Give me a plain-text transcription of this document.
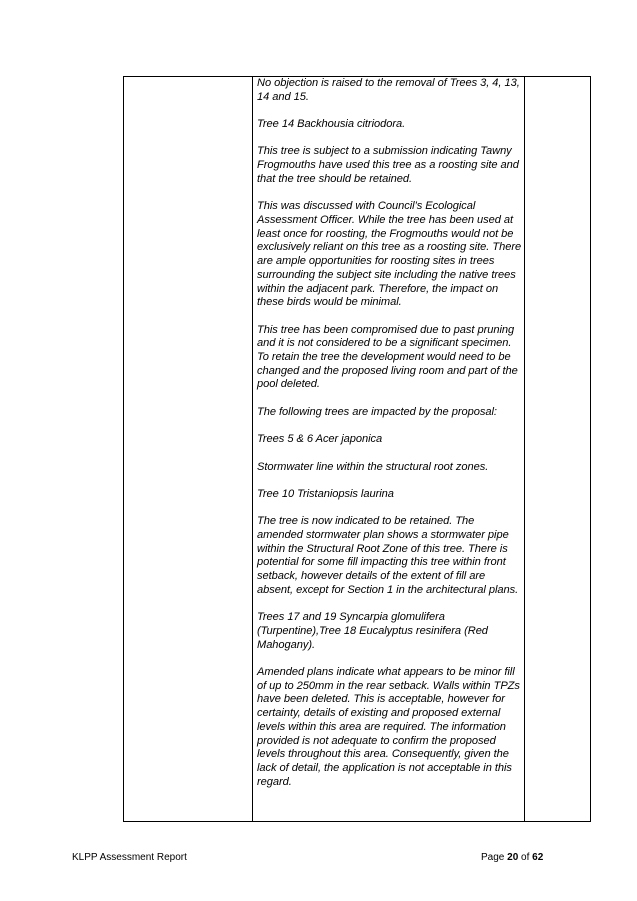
No objection is raised to the removal of Trees 3, 4, 13, 14 and 15.

Tree 14 Backhousia citriodora.

This tree is subject to a submission indicating Tawny Frogmouths have used this tree as a roosting site and that the tree should be retained.

This was discussed with Council’s Ecological Assessment Officer. While the tree has been used at least once for roosting, the Frogmouths would not be exclusively reliant on this tree as a roosting site. There are ample opportunities for roosting sites in trees surrounding the subject site including the native trees within the adjacent park. Therefore, the impact on these birds would be minimal.

This tree has been compromised due to past pruning and it is not considered to be a significant specimen. To retain the tree the development would need to be changed and the proposed living room and part of the pool deleted.

The following trees are impacted by the proposal:

Trees 5 & 6 Acer japonica

Stormwater line within the structural root zones.

Tree 10 Tristaniopsis laurina

The tree is now indicated to be retained. The amended stormwater plan shows a stormwater pipe within the Structural Root Zone of this tree. There is potential for some fill impacting this tree within front setback, however details of the extent of fill are absent, except for Section 1 in the architectural plans.

Trees 17 and 19 Syncarpia glomulifera (Turpentine),Tree 18 Eucalyptus resinifera (Red Mahogany).

Amended plans indicate what appears to be minor fill of up to 250mm in the rear setback. Walls within TPZs have been deleted. This is acceptable, however for certainty, details of existing and proposed external levels within this area are required. The information provided is not adequate to confirm the proposed levels throughout this area. Consequently, given the lack of detail, the application is not acceptable in this regard.

KLPP Assessment Report	Page 20 of 62
